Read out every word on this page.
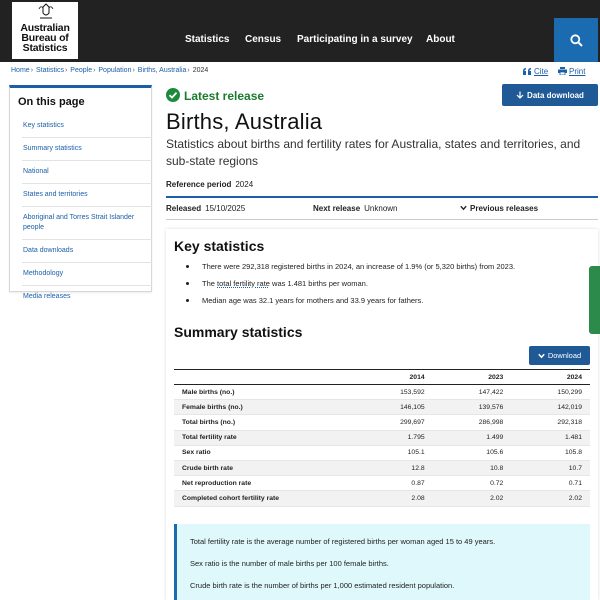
Australian
Bureau of
Statistics
Statistics Census Participating in a survey About
Home› Statistics› People› Population› Births, Australia› 2024	Cite	Print
On this page
Key statistics
Summary statistics
National
States and territories
Aboriginal and Torres Strait Islander people
Data downloads
Methodology
Media releases
Latest release	Data download
Births, Australia
Statistics about births and fertility rates for Australia, states and territories, and sub-state regions
Reference period 2024
Released 15/10/2025	Next release Unknown	Previous releases
Key statistics
There were 292,318 registered births in 2024, an increase of 1.9% (or 5,320 births) from 2023.
The total fertility rate was 1.481 births per woman.
Median age was 32.1 years for mothers and 33.9 years for fathers.
Summary statistics
Download
	2014	2023	2024
Male births (no.)	153,592	147,422	150,299
Female births (no.)	146,105	139,576	142,019
Total births (no.)	299,697	286,998	292,318
Total fertility rate	1.795	1.499	1.481
Sex ratio	105.1	105.6	105.8
Crude birth rate	12.8	10.8	10.7
Net reproduction rate	0.87	0.72	0.71
Completed cohort fertility rate	2.08	2.02	2.02

Total fertility rate is the average number of registered births per woman aged 15 to 49 years.

Sex ratio is the number of male births per 100 female births.

Crude birth rate is the number of births per 1,000 estimated resident population.

Feedback
